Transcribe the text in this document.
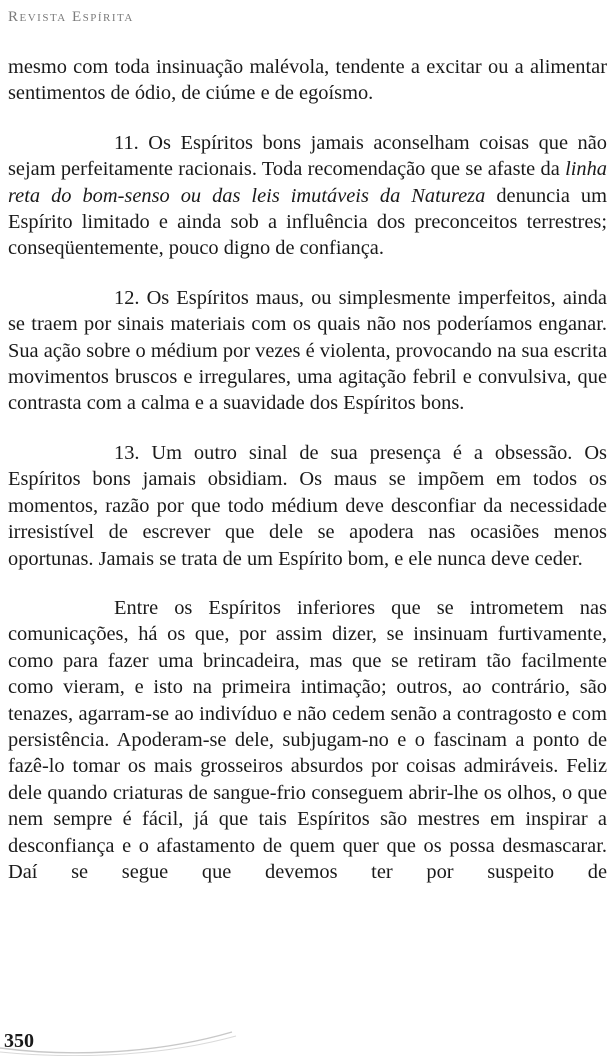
Revista Espírita

mesmo com toda insinuação malévola, tendente a excitar ou a alimentar sentimentos de ódio, de ciúme e de egoísmo.

11. Os Espíritos bons jamais aconselham coisas que não sejam perfeitamente racionais. Toda recomendação que se afaste da linha reta do bom-senso ou das leis imutáveis da Natureza denuncia um Espírito limitado e ainda sob a influência dos preconceitos terrestres; conseqüentemente, pouco digno de confiança.

12. Os Espíritos maus, ou simplesmente imperfeitos, ainda se traem por sinais materiais com os quais não nos poderíamos enganar. Sua ação sobre o médium por vezes é violenta, provocando na sua escrita movimentos bruscos e irregulares, uma agitação febril e convulsiva, que contrasta com a calma e a suavidade dos Espíritos bons.

13. Um outro sinal de sua presença é a obsessão. Os Espíritos bons jamais obsidiam. Os maus se impõem em todos os momentos, razão por que todo médium deve desconfiar da necessidade irresistível de escrever que dele se apodera nas ocasiões menos oportunas. Jamais se trata de um Espírito bom, e ele nunca deve ceder.

Entre os Espíritos inferiores que se intrometem nas comunicações, há os que, por assim dizer, se insinuam furtivamente, como para fazer uma brincadeira, mas que se retiram tão facilmente como vieram, e isto na primeira intimação; outros, ao contrário, são tenazes, agarram-se ao indivíduo e não cedem senão a contragosto e com persistência. Apoderam-se dele, subjugam-no e o fascinam a ponto de fazê-lo tomar os mais grosseiros absurdos por coisas admiráveis. Feliz dele quando criaturas de sangue-frio conseguem abrir-lhe os olhos, o que nem sempre é fácil, já que tais Espíritos são mestres em inspirar a desconfiança e o afastamento de quem quer que os possa desmascarar. Daí se segue que devemos ter por suspeito de

350
